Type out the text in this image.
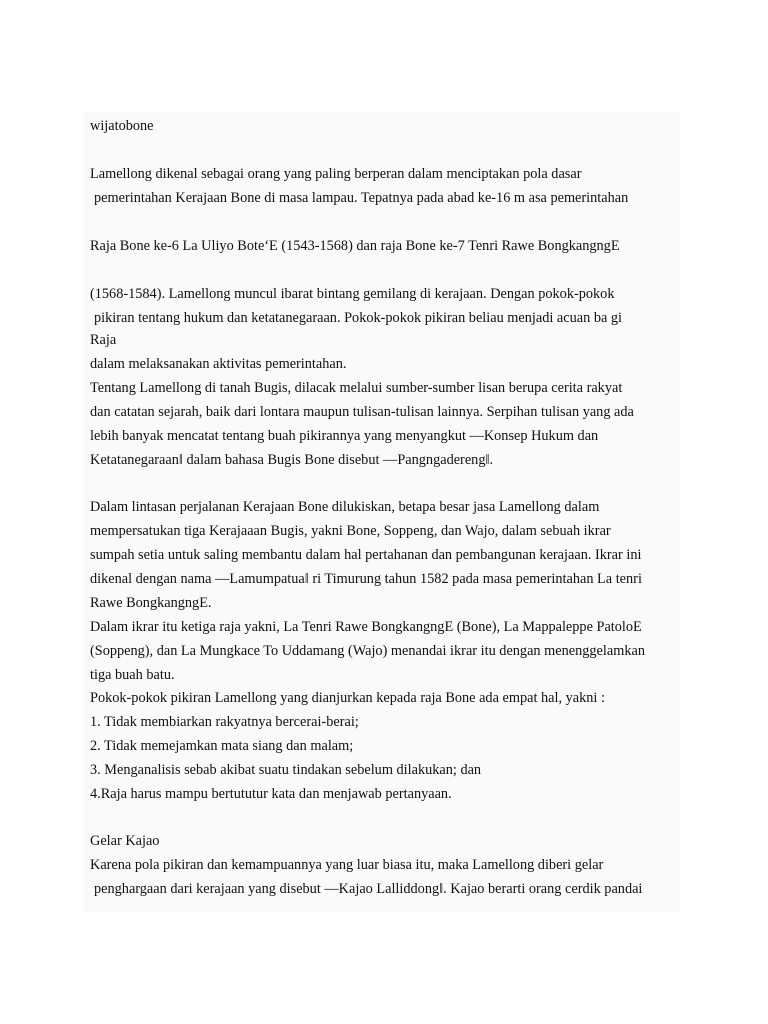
wijatobone
Lamellong dikenal sebagai orang yang paling berperan dalam menciptakan pola dasar
pemerintahan Kerajaan Bone di masa lampau. Tepatnya pada abad ke-16 m asa pemerintahan
Raja Bone ke-6 La Uliyo Bote‘E (1543-1568) dan raja Bone ke-7 Tenri Rawe BongkangngE
(1568-1584). Lamellong muncul ibarat bintang gemilang di kerajaan. Dengan pokok-pokok
pikiran tentang hukum dan ketatanegaraan. Pokok-pokok pikiran beliau menjadi acuan ba gi
Raja
dalam melaksanakan aktivitas pemerintahan.
Tentang Lamellong di tanah Bugis, dilacak melalui sumber-sumber lisan berupa cerita rakyat
dan catatan sejarah, baik dari lontara maupun tulisan-tulisan lainnya. Serpihan tulisan yang ada
lebih banyak mencatat tentang buah pikirannya yang menyangkut ―Konsep Hukum dan
Ketatanegaraan‖ dalam bahasa Bugis Bone disebut ―Pangngadereng‖.
Dalam lintasan perjalanan Kerajaan Bone dilukiskan, betapa besar jasa Lamellong dalam
mempersatukan tiga Kerajaaan Bugis, yakni Bone, Soppeng, dan Wajo, dalam sebuah ikrar
sumpah setia untuk saling membantu dalam hal pertahanan dan pembangunan kerajaan. Ikrar ini
dikenal dengan nama ―Lamumpatua‖ ri Timurung tahun 1582 pada masa pemerintahan La tenri
Rawe BongkangngE.
Dalam ikrar itu ketiga raja yakni, La Tenri Rawe BongkangngE (Bone), La Mappaleppe PatoloE
(Soppeng), dan La Mungkace To Uddamang (Wajo) menandai ikrar itu dengan menenggelamkan
tiga buah batu.
Pokok-pokok pikiran Lamellong yang dianjurkan kepada raja Bone ada empat hal, yakni :
1. Tidak membiarkan rakyatnya bercerai-berai;
2. Tidak memejamkan mata siang dan malam;
3. Menganalisis sebab akibat suatu tindakan sebelum dilakukan; dan
4.Raja harus mampu bertututur kata dan menjawab pertanyaan.
Gelar Kajao
Karena pola pikiran dan kemampuannya yang luar biasa itu, maka Lamellong diberi gelar
penghargaan dari kerajaan yang disebut ―Kajao Lalliddong‖. Kajao berarti orang cerdik pandai
